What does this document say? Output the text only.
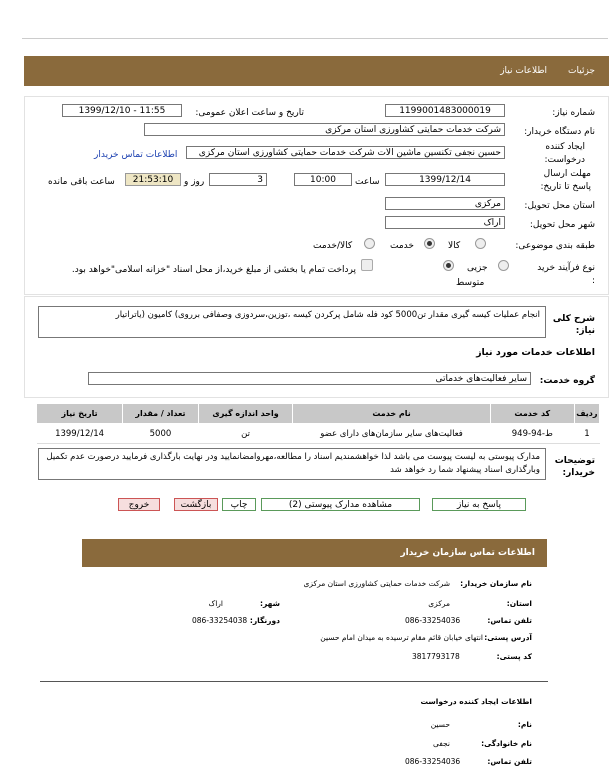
جزئیات
اطلاعات نیاز
شماره نیاز:
1199001483000019
تاریخ و ساعت اعلان عمومی:
1399/12/10 - 11:55
نام دستگاه خریدار:
شرکت خدمات حمایتی کشاورزی استان مرکزی
ایجاد کننده درخواست:
حسین نجفی تکنسین ماشین الات شرکت خدمات حمایتی کشاورزی استان مرکزی
اطلاعات تماس خریدار
مهلت ارسال پاسخ تا تاریخ:
1399/12/14
ساعت
10:00
3
روز و
21:53:10
ساعت باقی مانده
استان محل تحویل:
مرکزی
شهر محل تحویل:
اراک
طبقه بندی موضوعی:
کالا
خدمت
کالا/خدمت
نوع فرآیند خرید :
جزیی
متوسط
پرداخت تمام یا بخشی از مبلغ خرید،از محل اسناد "خزانه اسلامی"خواهد بود.
شرح کلی نیاز:
انجام عملیات کیسه گیری مقدار تن5000 کود فله شامل پرکردن کیسه ،توزین،سردوزی وصفافی برروی) کامیون (یاتراتیار
اطلاعات خدمات مورد نیاز
گروه خدمت:
سایر فعالیت‌های خدماتی
ردیف	کد خدمت	نام خدمت	واحد اندازه گیری	تعداد / مقدار	تاریخ نیاز
1	ط-94-949	فعالیت‌های سایر سازمان‌های دارای عضو	تن	5000	1399/12/14
توضیحات خریدار:
مدارک پیوستی به لیست پیوست می باشد لذا خواهشمندیم اسناد را مطالعه،مهروامضانمایید ودر نهایت بارگذاری فرمایید درصورت عدم تکمیل وبارگذاری اسناد پیشنهاد شما رد خواهد شد
پاسخ به نیاز
مشاهده مدارک پیوستی (2)
چاپ
بازگشت
خروج
اطلاعات تماس سازمان خریدار
نام سازمان خریدار:
شرکت خدمات حمایتی کشاورزی استان مرکزی
استان:
مرکزی
شهر:
اراک
تلفن تماس:
086-33254036
دورنگار:
086-33254038
آدرس پستی:
انتهای خیابان قائم مقام ترسیده به میدان امام حسین
کد پستی:
3817793178
اطلاعات ایجاد کننده درخواست
نام:
حسین
نام خانوادگی:
نجفی
تلفن تماس:
086-33254036
